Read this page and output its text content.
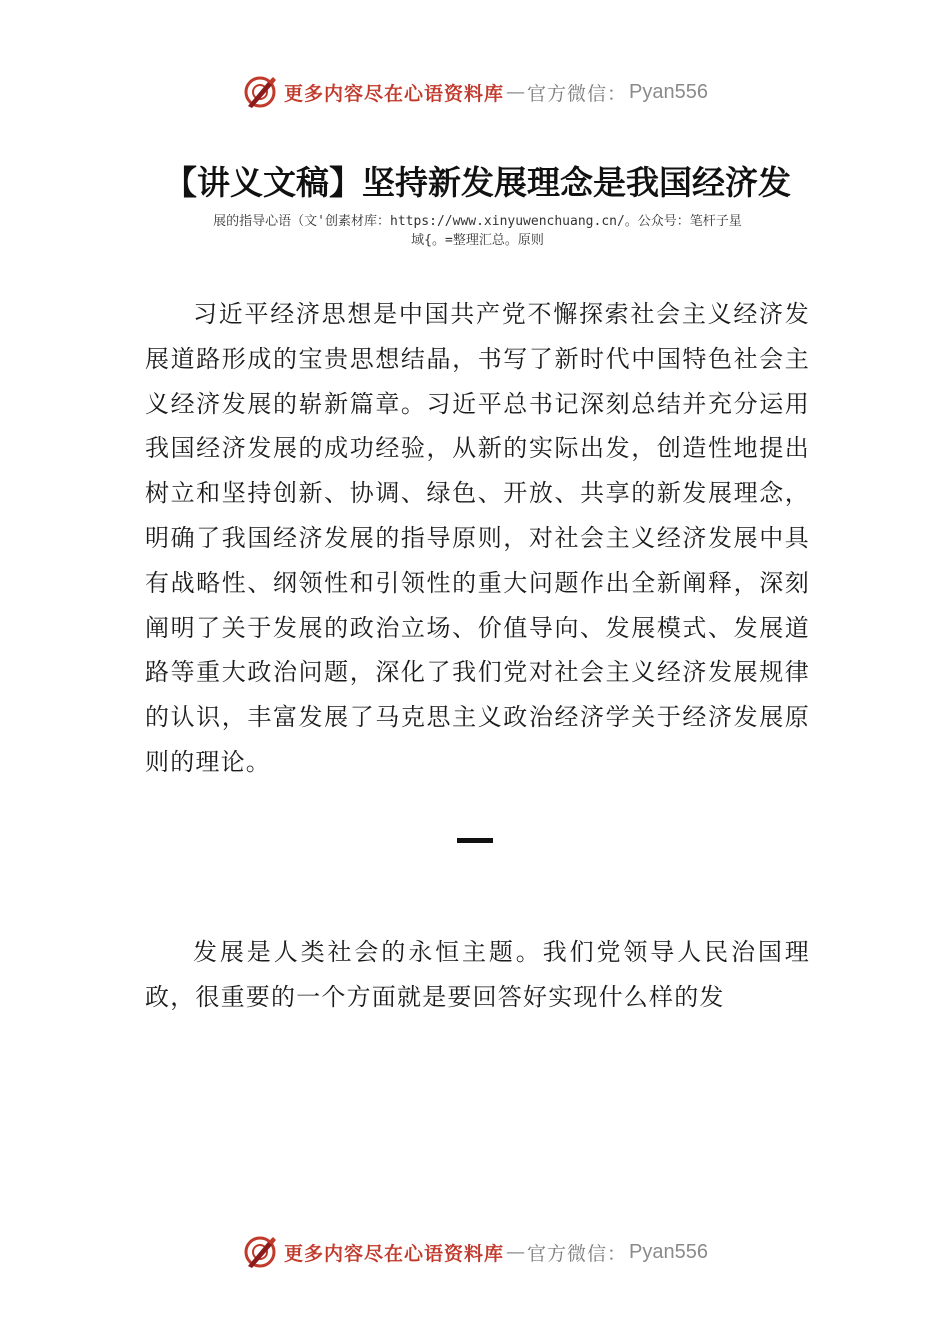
更多内容尽在心语资料库 — 官方微信： Pyan556
【讲义文稿】坚持新发展理念是我国经济发
展的指导心语（文'创素材库：https://www.xinyuwenchuang.cn/。公众号：笔杆子星
域{。=整理汇总。原则

习近平经济思想是中国共产党不懈探索社会主义经济发展道路形成的宝贵思想结晶，书写了新时代中国特色社会主义经济发展的崭新篇章。习近平总书记深刻总结并充分运用我国经济发展的成功经验，从新的实际出发，创造性地提出树立和坚持创新、协调、绿色、开放、共享的新发展理念，明确了我国经济发展的指导原则，对社会主义经济发展中具有战略性、纲领性和引领性的重大问题作出全新阐释，深刻阐明了关于发展的政治立场、价值导向、发展模式、发展道路等重大政治问题，深化了我们党对社会主义经济发展规律的认识，丰富发展了马克思主义政治经济学关于经济发展原则的理论。

发展是人类社会的永恒主题。我们党领导人民治国理政，很重要的一个方面就是要回答好实现什么样的发

更多内容尽在心语资料库 — 官方微信： Pyan556
